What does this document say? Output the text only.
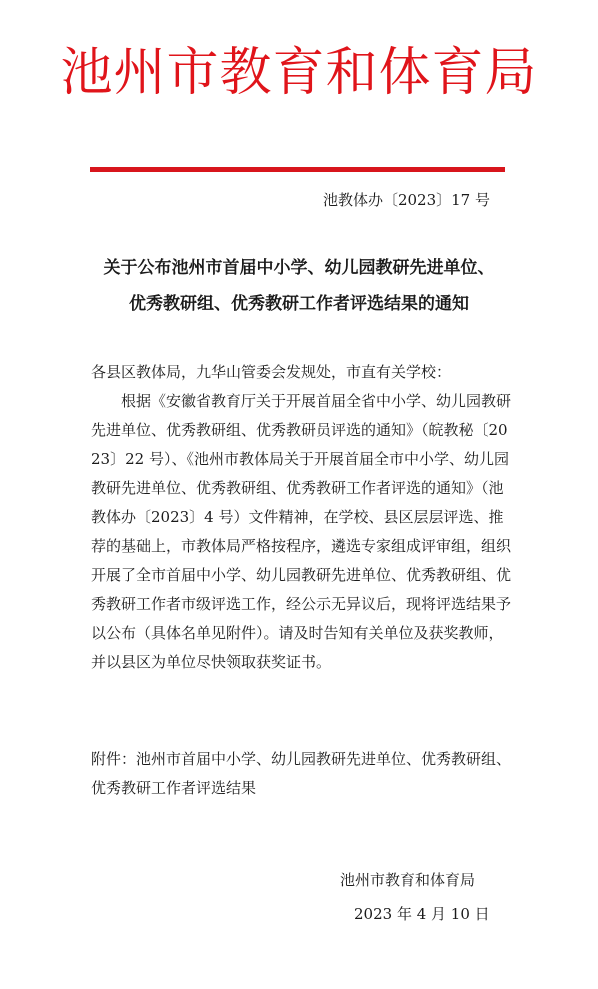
池州市教育和体育局
池教体办〔2023〕17 号
关于公布池州市首届中小学、幼儿园教研先进单位、
优秀教研组、优秀教研工作者评选结果的通知

各县区教体局，九华山管委会发规处，市直有关学校：

根据《安徽省教育厅关于开展首届全省中小学、幼儿园教研先进单位、优秀教研组、优秀教研员评选的通知》（皖教秘〔2023〕22 号）、《池州市教体局关于开展首届全市中小学、幼儿园教研先进单位、优秀教研组、优秀教研工作者评选的通知》（池教体办〔2023〕4 号）文件精神，在学校、县区层层评选、推荐的基础上，市教体局严格按程序，遴选专家组成评审组，组织开展了全市首届中小学、幼儿园教研先进单位、优秀教研组、优秀教研工作者市级评选工作，经公示无异议后，现将评选结果予以公布（具体名单见附件）。请及时告知有关单位及获奖教师，并以县区为单位尽快领取获奖证书。

附件：池州市首届中小学、幼儿园教研先进单位、优秀教研组、优秀教研工作者评选结果
池州市教育和体育局
2023 年 4 月 10 日
